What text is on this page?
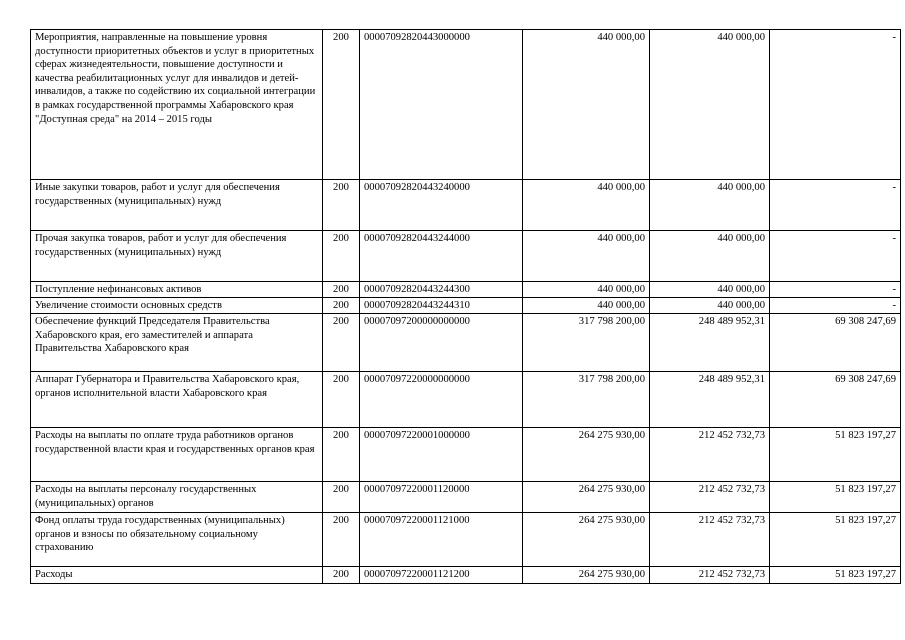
Мероприятия, направленные на повышение уровня доступности приоритетных объектов и услуг в приоритетных сферах жизнедеятельности, повышение доступности и качества реабилитационных услуг для инвалидов и детей-инвалидов, а также по содействию их социальной интеграции в рамках государственной программы Хабаровского края "Доступная среда" на 2014 – 2015 годы	200	00007092820443000000	440 000,00	440 000,00	-
Иные закупки товаров, работ и услуг для обеспечения государственных (муниципальных) нужд	200	00007092820443240000	440 000,00	440 000,00	-
Прочая закупка товаров, работ и услуг для обеспечения государственных (муниципальных) нужд	200	00007092820443244000	440 000,00	440 000,00	-
Поступление нефинансовых активов	200	00007092820443244300	440 000,00	440 000,00	-
Увеличение стоимости основных средств	200	00007092820443244310	440 000,00	440 000,00	-
Обеспечение функций Председателя Правительства Хабаровского края, его заместителей и аппарата Правительства Хабаровского края	200	00007097200000000000	317 798 200,00	248 489 952,31	69 308 247,69
Аппарат Губернатора и Правительства Хабаровского края, органов исполнительной власти Хабаровского края	200	00007097220000000000	317 798 200,00	248 489 952,31	69 308 247,69
Расходы на выплаты по оплате труда работников органов государственной власти края и государственных органов края	200	00007097220001000000	264 275 930,00	212 452 732,73	51 823 197,27
Расходы на выплаты персоналу государственных (муниципальных) органов	200	00007097220001120000	264 275 930,00	212 452 732,73	51 823 197,27
Фонд оплаты труда государственных (муниципальных) органов и взносы по обязательному социальному страхованию	200	00007097220001121000	264 275 930,00	212 452 732,73	51 823 197,27
Расходы	200	00007097220001121200	264 275 930,00	212 452 732,73	51 823 197,27
